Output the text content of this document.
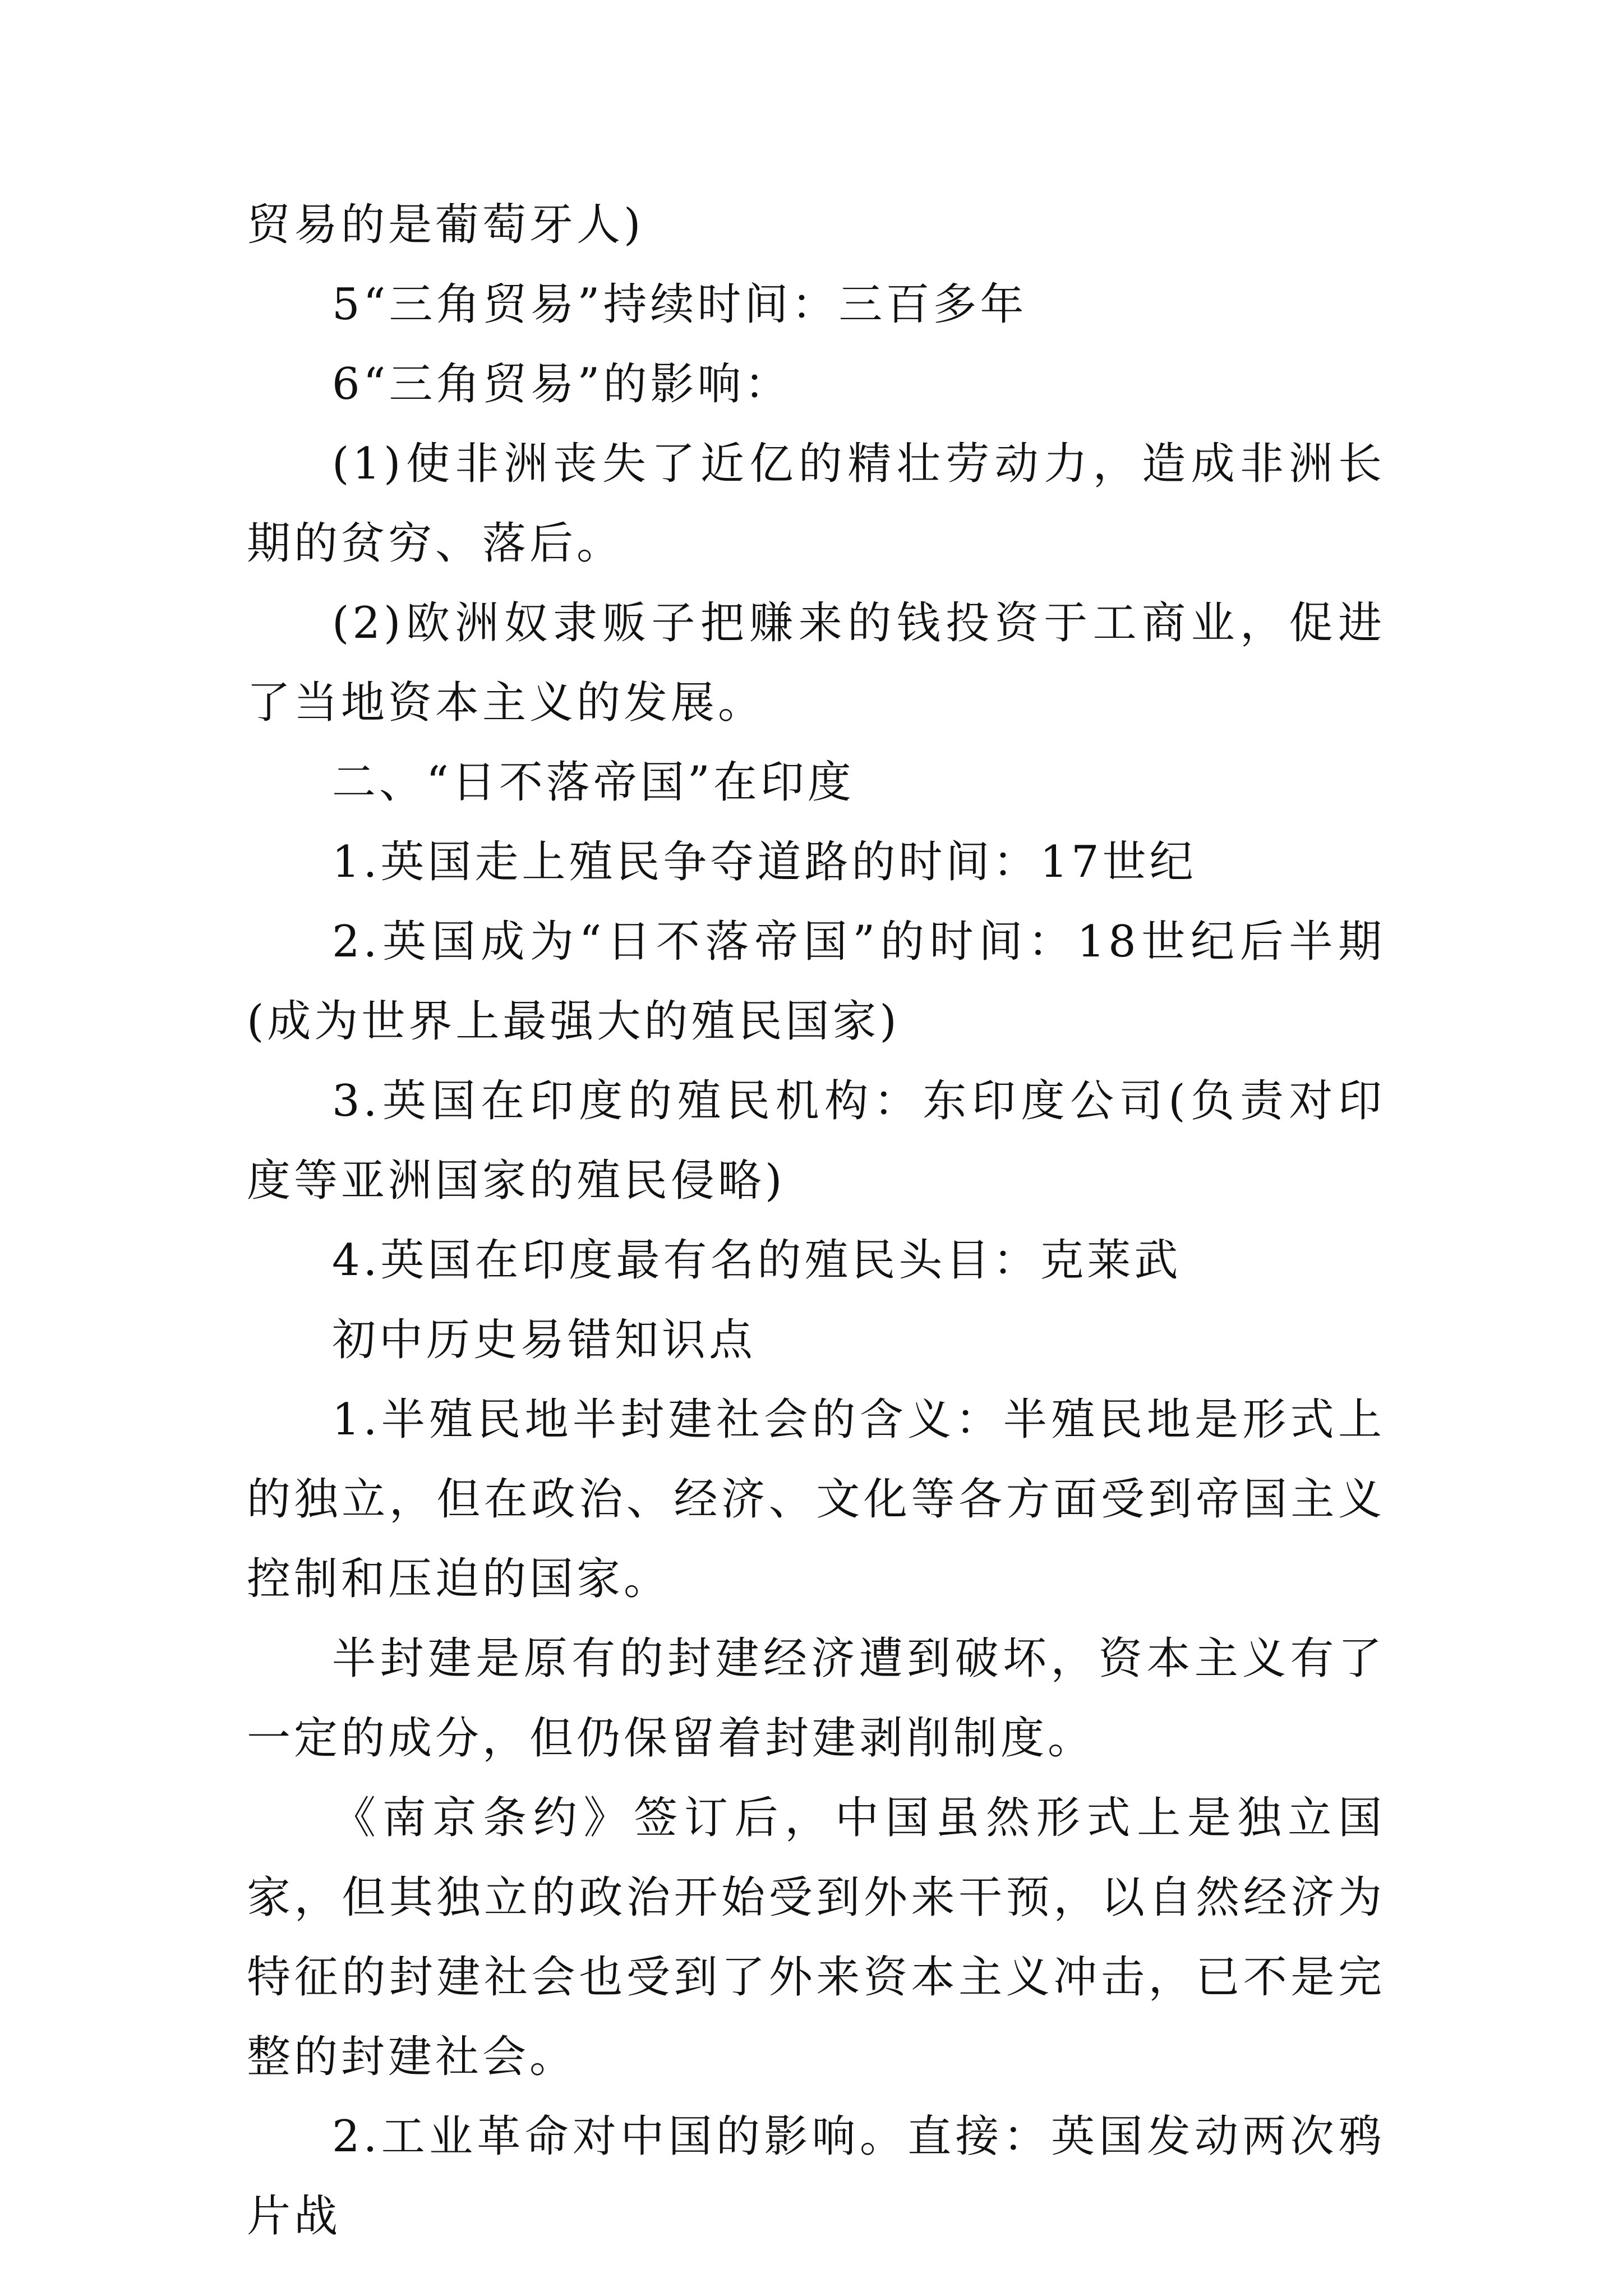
贸易的是葡萄牙人)

5“三角贸易”持续时间：三百多年

6“三角贸易”的影响：

(1)使非洲丧失了近亿的精壮劳动力，造成非洲长期的贫穷、落后。

(2)欧洲奴隶贩子把赚来的钱投资于工商业，促进了当地资本主义的发展。

二、“日不落帝国”在印度

1.英国走上殖民争夺道路的时间：17世纪

2.英国成为“日不落帝国”的时间：18世纪后半期(成为世界上最强大的殖民国家)

3.英国在印度的殖民机构：东印度公司(负责对印度等亚洲国家的殖民侵略)

4.英国在印度最有名的殖民头目：克莱武

初中历史易错知识点

1.半殖民地半封建社会的含义：半殖民地是形式上的独立，但在政治、经济、文化等各方面受到帝国主义控制和压迫的国家。

半封建是原有的封建经济遭到破坏，资本主义有了一定的成分，但仍保留着封建剥削制度。

《南京条约》签订后，中国虽然形式上是独立国家，但其独立的政治开始受到外来干预，以自然经济为特征的封建社会也受到了外来资本主义冲击，已不是完整的封建社会。

2.工业革命对中国的影响。直接：英国发动两次鸦片战
